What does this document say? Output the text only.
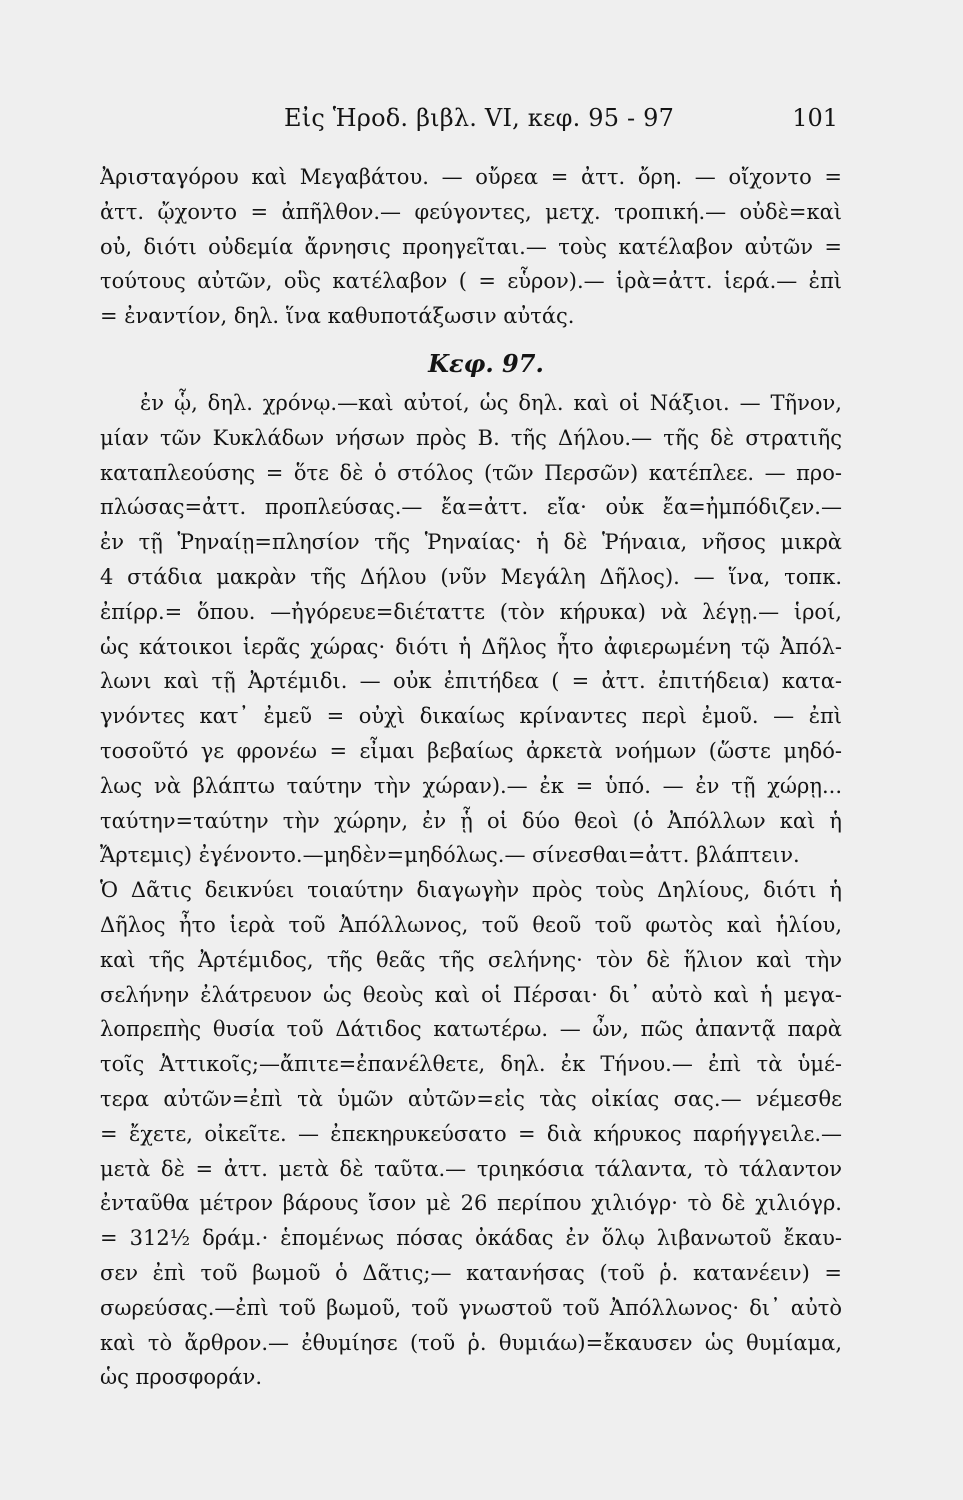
Εἰς Ἡροδ. βιβλ. VI, κεφ. 95 - 97	101
Ἀρισταγόρου καὶ Μεγαβάτου. — οὔρεα = ἀττ. ὄρη. — οἴχοντο =
ἀττ. ᾤχοντο = ἀπῆλθον.— φεύγοντες, μετχ. τροπική.— οὐδὲ=καὶ
οὐ, διότι οὐδεμία ἄρνησις προηγεῖται.— τοὺς κατέλαβον αὐτῶν =
τούτους αὐτῶν, οὓς κατέλαβον ( = εὗρον).— ἱρὰ=ἀττ. ἱερά.— ἐπὶ
= ἐναντίον, δηλ. ἵνα καθυποτάξωσιν αὐτάς.
Κεφ. 97.
ἐν ᾧ, δηλ. χρόνῳ.—καὶ αὐτοί, ὡς δηλ. καὶ οἱ Νάξιοι. — Τῆνον,
μίαν τῶν Κυκλάδων νήσων πρὸς Β. τῆς Δήλου.— τῆς δὲ στρατιῆς
καταπλεούσης = ὅτε δὲ ὁ στόλος (τῶν Περσῶν) κατέπλεε. — προ-
πλώσας=ἀττ. προπλεύσας.— ἔα=ἀττ. εἴα· οὐκ ἔα=ἠμπόδιζεν.—
ἐν τῇ Ῥηναίῃ=πλησίον τῆς Ῥηναίας· ἡ δὲ Ῥήναια, νῆσος μικρὰ
4 στάδια μακρὰν τῆς Δήλου (νῦν Μεγάλη Δῆλος). — ἵνα, τοπκ.
ἐπίρρ.= ὅπου. —ἠγόρευε=διέταττε (τὸν κήρυκα) νὰ λέγῃ.— ἱροί,
ὡς κάτοικοι ἱερᾶς χώρας· διότι ἡ Δῆλος ἦτο ἀφιερωμένη τῷ Ἀπόλ-
λωνι καὶ τῇ Ἀρτέμιδι. — οὐκ ἐπιτήδεα ( = ἀττ. ἐπιτήδεια) κατα-
γνόντες κατ᾿ ἐμεῦ = οὐχὶ δικαίως κρίναντες περὶ ἐμοῦ. — ἐπὶ
τοσοῦτό γε φρονέω = εἶμαι βεβαίως ἀρκετὰ νοήμων (ὥστε μηδό-
λως νὰ βλάπτω ταύτην τὴν χώραν).— ἐκ = ὑπό. — ἐν τῇ χώρῃ...
ταύτην=ταύτην τὴν χώρην, ἐν ᾗ οἱ δύο θεοὶ (ὁ Ἀπόλλων καὶ ἡ
Ἄρτεμις) ἐγένοντο.—μηδὲν=μηδόλως.— σίνεσθαι=ἀττ. βλάπτειν.
Ὁ Δᾶτις δεικνύει τοιαύτην διαγωγὴν πρὸς τοὺς Δηλίους, διότι ἡ
Δῆλος ἦτο ἱερὰ τοῦ Ἀπόλλωνος, τοῦ θεοῦ τοῦ φωτὸς καὶ ἡλίου,
καὶ τῆς Ἀρτέμιδος, τῆς θεᾶς τῆς σελήνης· τὸν δὲ ἥλιον καὶ τὴν
σελήνην ἐλάτρευον ὡς θεοὺς καὶ οἱ Πέρσαι· δι᾿ αὐτὸ καὶ ἡ μεγα-
λοπρεπὴς θυσία τοῦ Δάτιδος κατωτέρω. — ὦν, πῶς ἀπαντᾷ παρὰ
τοῖς Ἀττικοῖς;—ἄπιτε=ἐπανέλθετε, δηλ. ἐκ Τήνου.— ἐπὶ τὰ ὑμέ-
τερα αὐτῶν=ἐπὶ τὰ ὑμῶν αὐτῶν=εἰς τὰς οἰκίας σας.— νέμεσθε
= ἔχετε, οἰκεῖτε. — ἐπεκηρυκεύσατο = διὰ κήρυκος παρήγγειλε.—
μετὰ δὲ = ἀττ. μετὰ δὲ ταῦτα.— τριηκόσια τάλαντα, τὸ τάλαντον
ἐνταῦθα μέτρον βάρους ἴσον μὲ 26 περίπου χιλιόγρ· τὸ δὲ χιλιόγρ.
= 312½ δράμ.· ἑπομένως πόσας ὀκάδας ἐν ὅλῳ λιβανωτοῦ ἔκαυ-
σεν ἐπὶ τοῦ βωμοῦ ὁ Δᾶτις;— κατανήσας (τοῦ ῥ. κατανέειν) =
σωρεύσας.—ἐπὶ τοῦ βωμοῦ, τοῦ γνωστοῦ τοῦ Ἀπόλλωνος· δι᾿ αὐτὸ
καὶ τὸ ἄρθρον.— ἐθυμίησε (τοῦ ῥ. θυμιάω)=ἔκαυσεν ὡς θυμίαμα,
ὡς προσφοράν.
